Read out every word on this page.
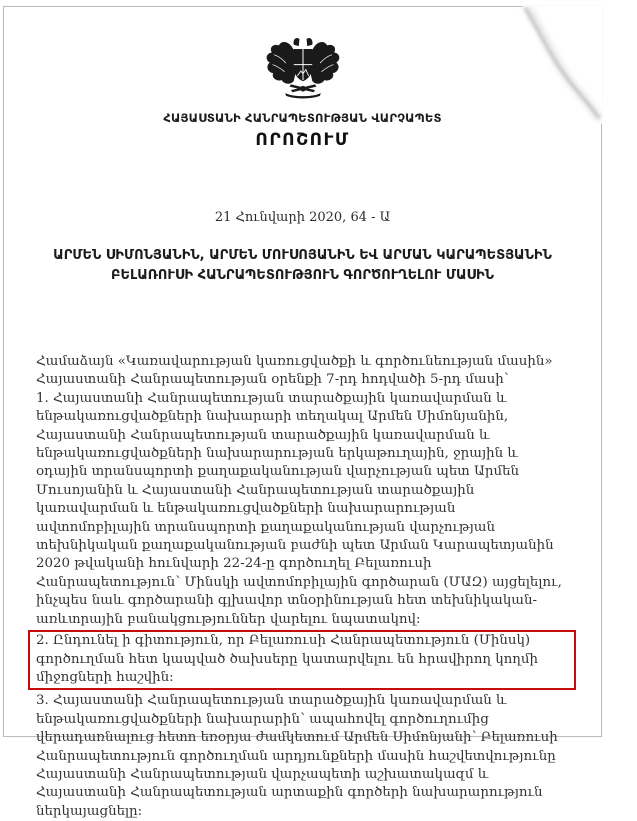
ՀԱՅԱՍՏԱՆԻ ՀԱՆՐԱՊԵՏՈՒԹՅԱՆ ՎԱՐՉԱՊԵՏ
ՈՐՈՇՈՒՄ
21 Հունվարի 2020, 64 - Ա
ԱՐՄԵՆ ՍԻՄՈՆՅԱՆԻՆ, ԱՐՄԵՆ ՄՈՒՍՈՅԱՆԻՆ ԵՎ ԱՐՄԱՆ ԿԱՐԱՊԵՏՅԱՆԻՆ
ԲԵԼԱՌՈՒՍԻ ՀԱՆՐԱՊԵՏՈՒԹՅՈՒՆ ԳՈՐԾՈՒՂԵԼՈՒ ՄԱՍԻՆ

Համաձայն «Կառավարության կառուցվածքի և գործունեության մասին» Հայաստանի Հանրապետության օրենքի 7-րդ հոդվածի 5-րդ մասի՝

1. Հայաստանի Հանրապետության տարածքային կառավարման և ենթակառուցվածքների նախարարի տեղակալ Արմեն Սիմոնյանին, Հայաստանի Հանրապետության տարածքային կառավարման և ենթակառուցվածքների նախարարության երկաթուղային, ջրային և օդային տրանսպորտի քաղաքականության վարչության պետ Արմեն Մուսոյանին և Հայաստանի Հանրապետության տարածքային կառավարման և ենթակառուցվածքների նախարարության ավտոմոբիլային տրանսպորտի քաղաքականության վարչության տեխնիկական քաղաքականության բաժնի պետ Արման Կարապետյանին 2020 թվականի հունվարի 22-24-ը գործուղել Բելառուսի Հանրապետություն՝ Մինսկի ավտոմոբիլային գործարան (ՄԱԶ) այցելելու, ինչպես նաև գործարանի գլխավոր տնօրինության հետ տեխնիկական-առևտրային բանակցություններ վարելու նպատակով:

2. Ընդունել ի գիտություն, որ Բելառուսի Հանրապետություն (Մինսկ) գործուղման հետ կապված ծախսերը կատարվելու են հրավիրող կողմի միջոցների հաշվին:

3. Հայաստանի Հանրապետության տարածքային կառավարման և ենթակառուցվածքների նախարարին՝ ապահովել գործուղումից վերադառնալուց հետո եռօրյա ժամկետում Արմեն Սիմոնյանի՝ Բելառուսի Հանրապետություն գործուղման արդյունքների մասին հաշվետվությունը Հայաստանի Հանրապետության վարչապետի աշխատակազմ և Հայաստանի Հանրապետության արտաքին գործերի նախարարություն ներկայացնելը:
